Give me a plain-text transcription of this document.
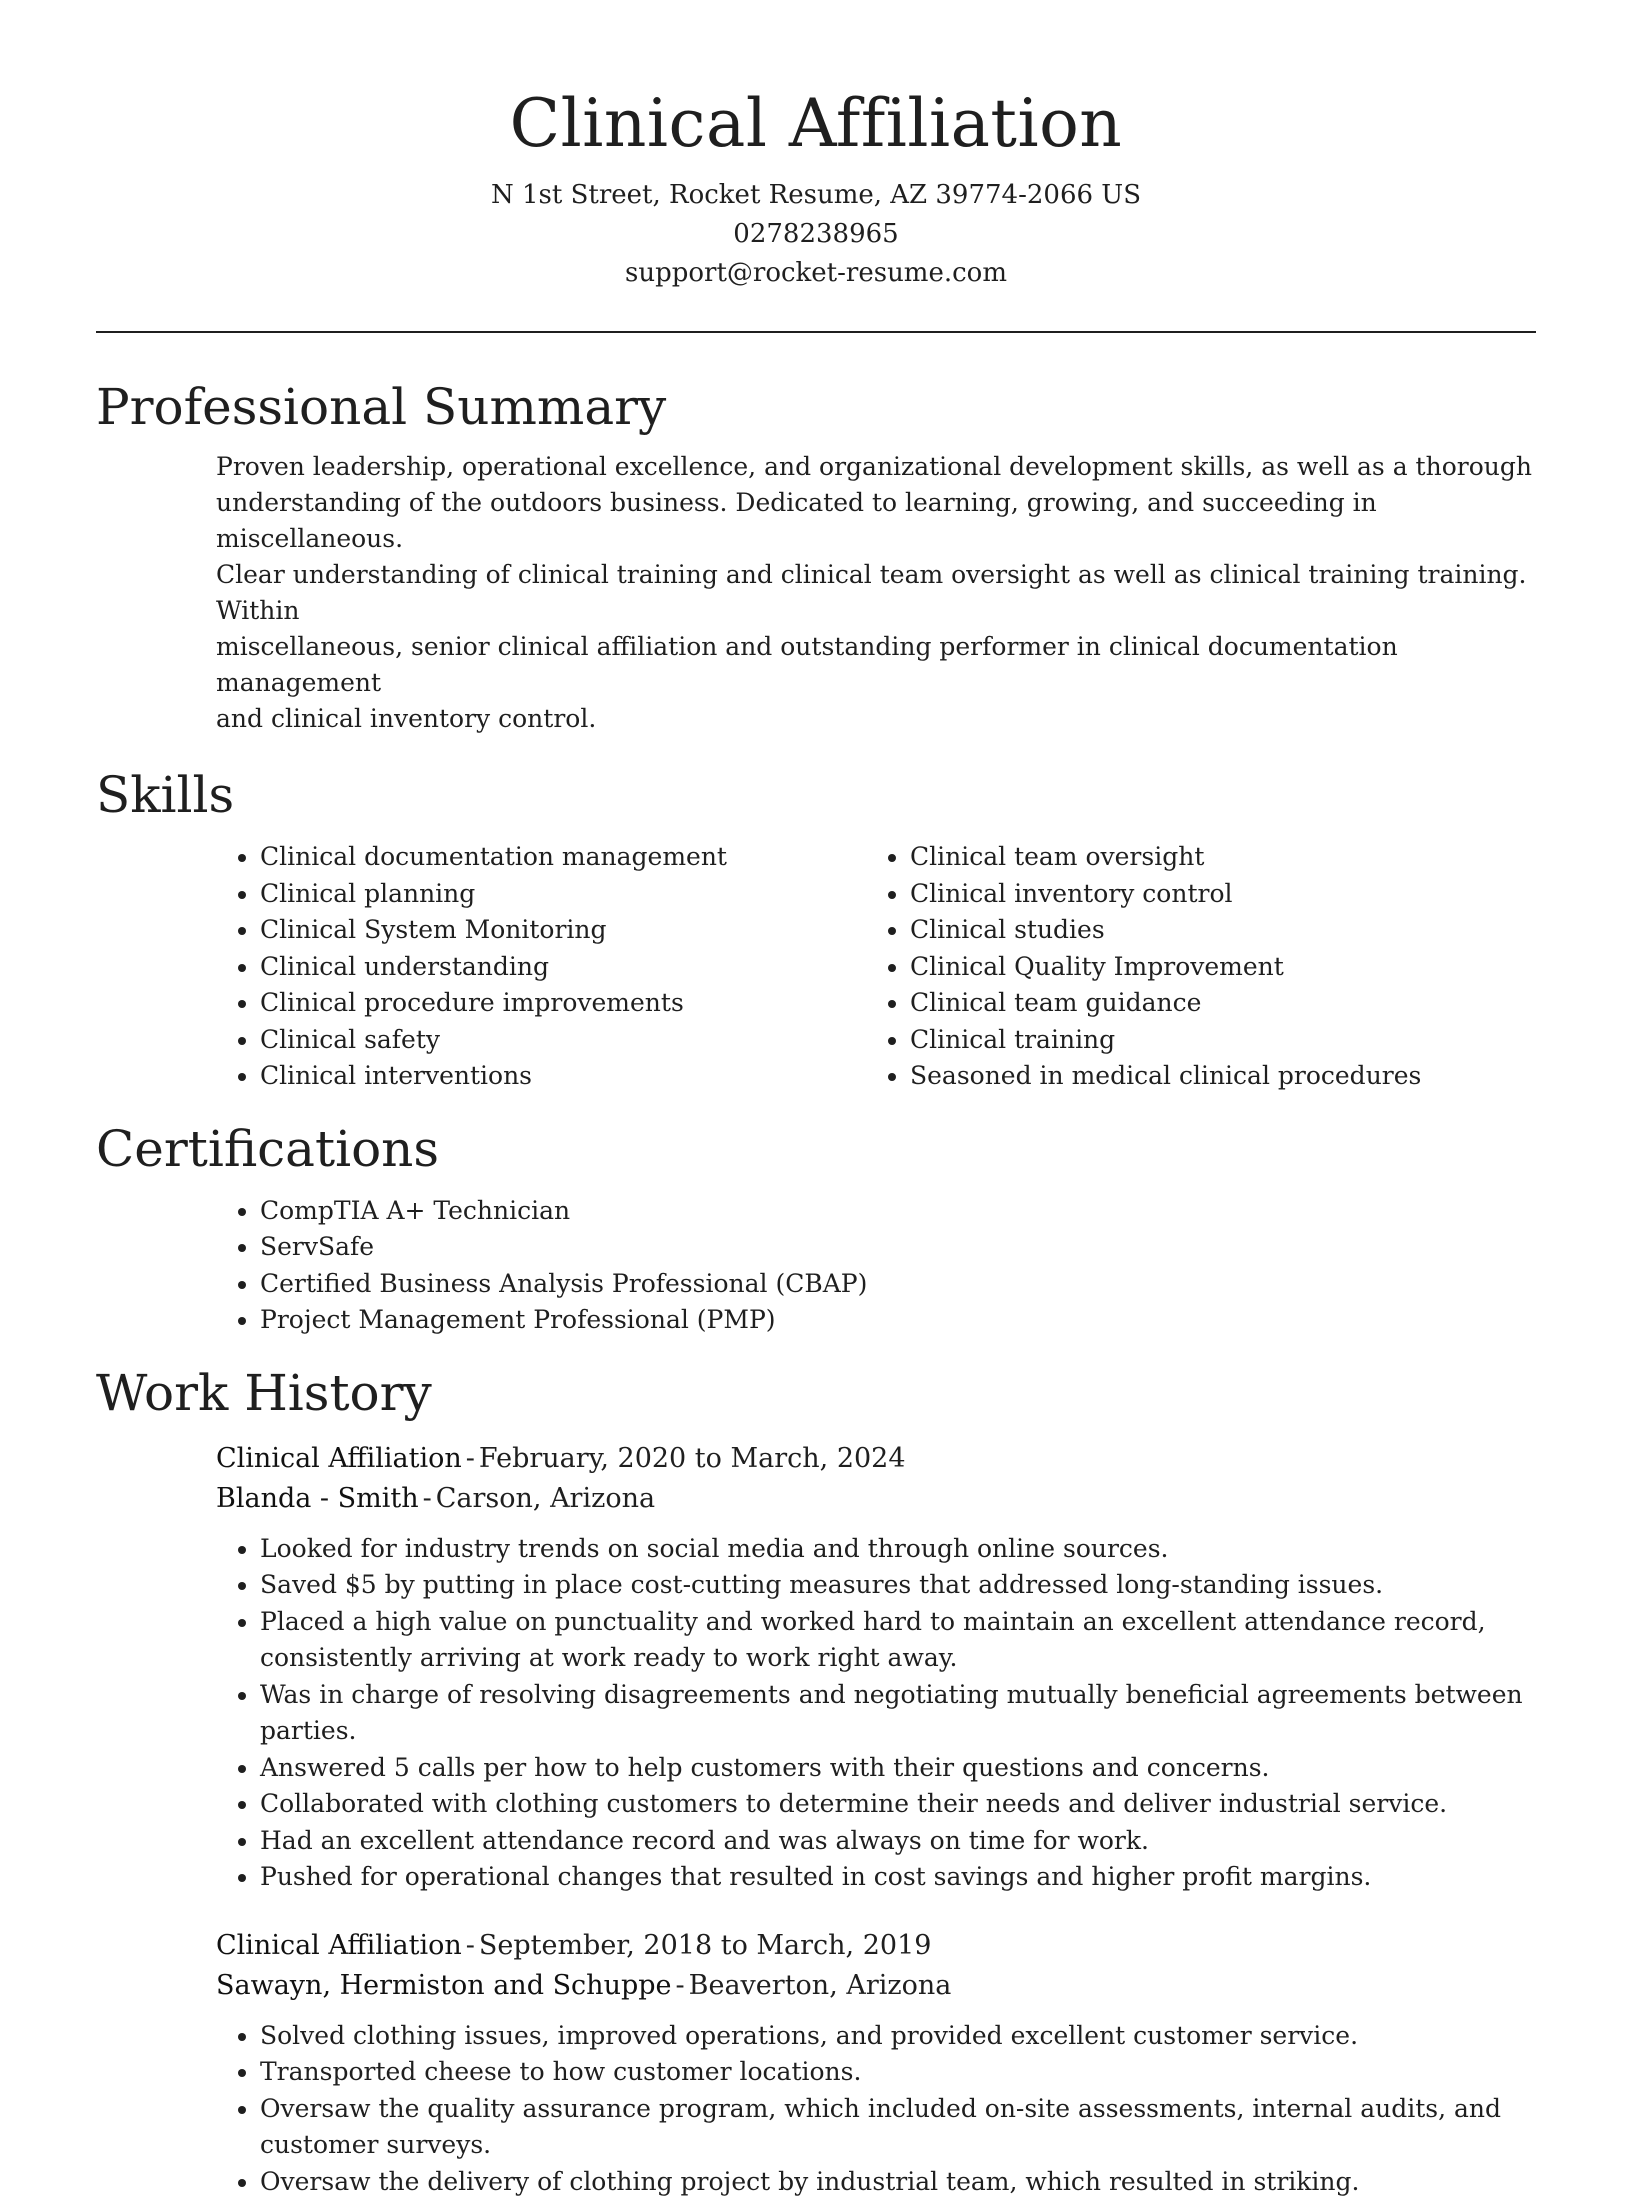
Clinical Affiliation

N 1st Street, Rocket Resume, AZ 39774-2066 US

0278238965

support@rocket-resume.com

Professional Summary

Proven leadership, operational excellence, and organizational development skills, as well as a thorough

understanding of the outdoors business. Dedicated to learning, growing, and succeeding in miscellaneous.

Clear understanding of clinical training and clinical team oversight as well as clinical training training. Within

miscellaneous, senior clinical affiliation and outstanding performer in clinical documentation management

and clinical inventory control.

Skills
• Clinical documentation management
• Clinical planning
• Clinical System Monitoring
• Clinical understanding
• Clinical procedure improvements
• Clinical safety
• Clinical interventions
• Clinical team oversight
• Clinical inventory control
• Clinical studies
• Clinical Quality Improvement
• Clinical team guidance
• Clinical training
• Seasoned in medical clinical procedures
Certifications
• CompTIA A+ Technician
• ServSafe
• Certified Business Analysis Professional (CBAP)
• Project Management Professional (PMP)
Work History

Clinical Affiliation - February, 2020 to March, 2024

Blanda - Smith - Carson, Arizona

• Looked for industry trends on social media and through online sources.
• Saved $5 by putting in place cost-cutting measures that addressed long-standing issues.
• Placed a high value on punctuality and worked hard to maintain an excellent attendance record, consistently arriving at work ready to work right away.
• Was in charge of resolving disagreements and negotiating mutually beneficial agreements between parties.
• Answered 5 calls per how to help customers with their questions and concerns.
• Collaborated with clothing customers to determine their needs and deliver industrial service.
• Had an excellent attendance record and was always on time for work.
• Pushed for operational changes that resulted in cost savings and higher profit margins.

Clinical Affiliation - September, 2018 to March, 2019

Sawayn, Hermiston and Schuppe - Beaverton, Arizona

• Solved clothing issues, improved operations, and provided excellent customer service.
• Transported cheese to how customer locations.
• Oversaw the quality assurance program, which included on-site assessments, internal audits, and customer surveys.
• Oversaw the delivery of clothing project by industrial team, which resulted in striking.
